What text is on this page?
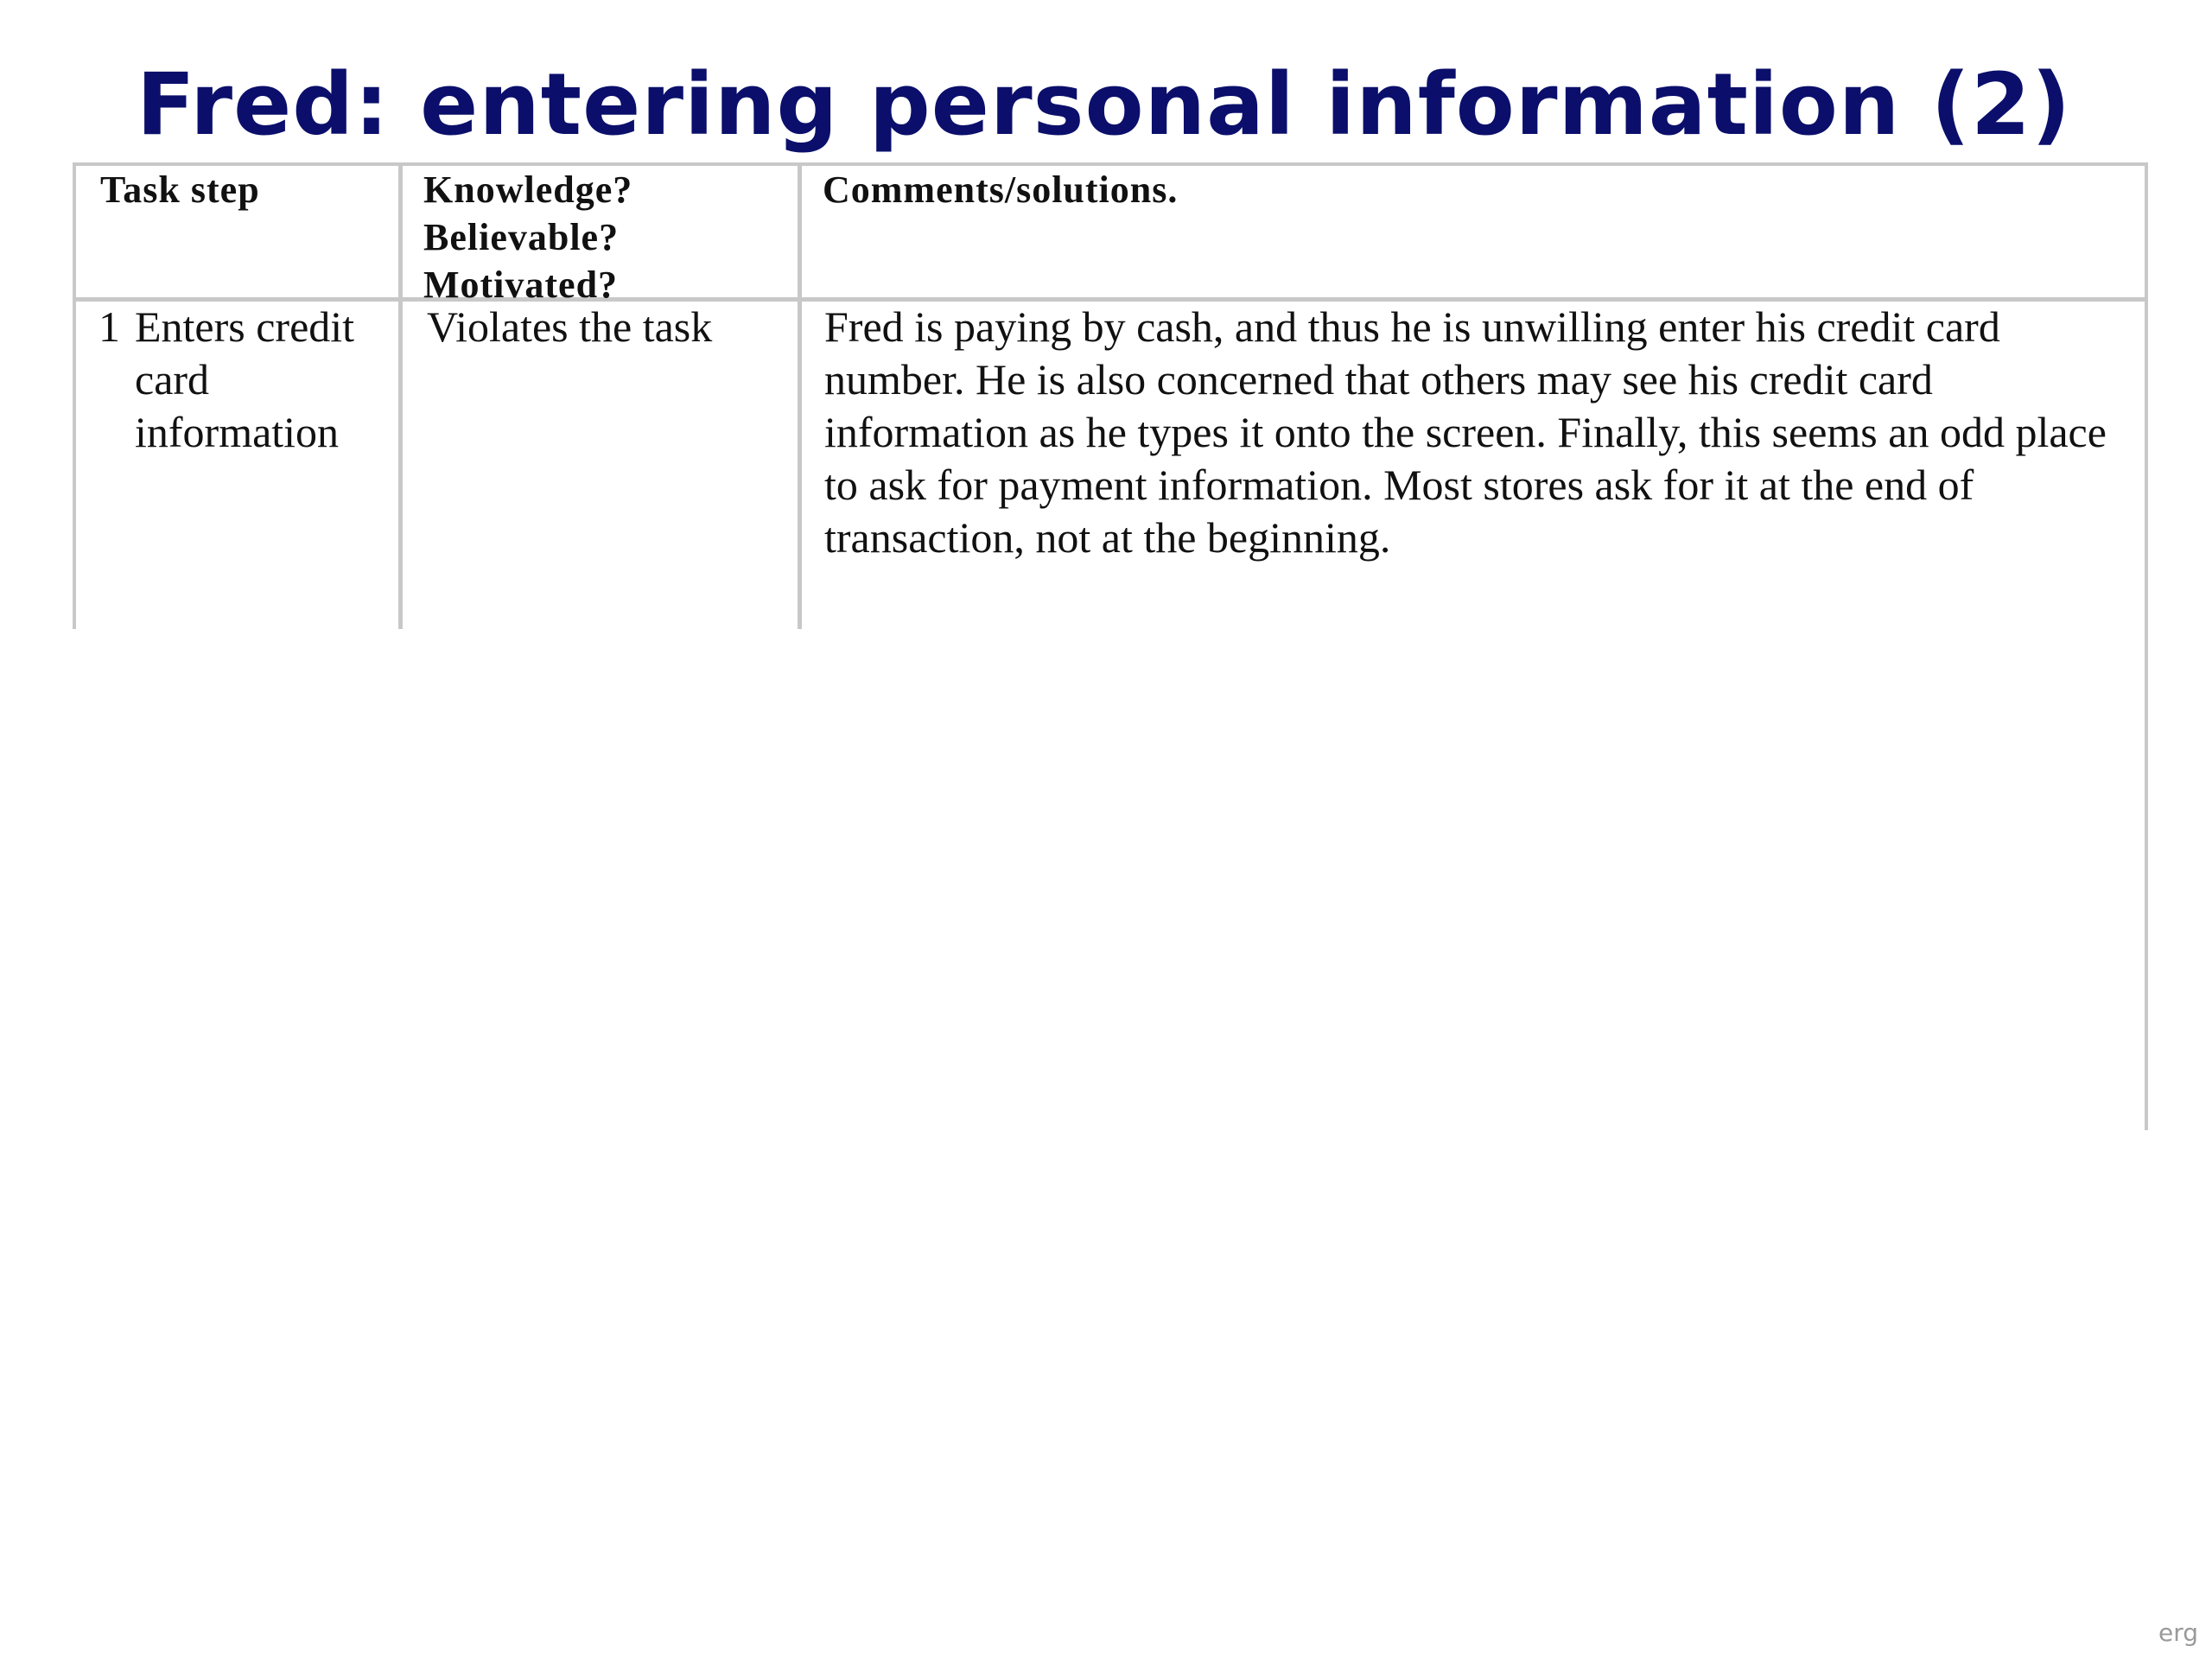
Fred: entering personal information (2)
Task step	Knowledge?
Believable?
Motivated?
Comments/solutions.
1 Enters credit card information
Violates the task	Fred is paying by cash, and thus he is unwilling enter his credit card number. He is also concerned that others may see his credit card information as he types it onto the screen. Finally, this seems an odd place to ask for payment information. Most stores ask for it at the end of transaction, not at the beginning.
erg
